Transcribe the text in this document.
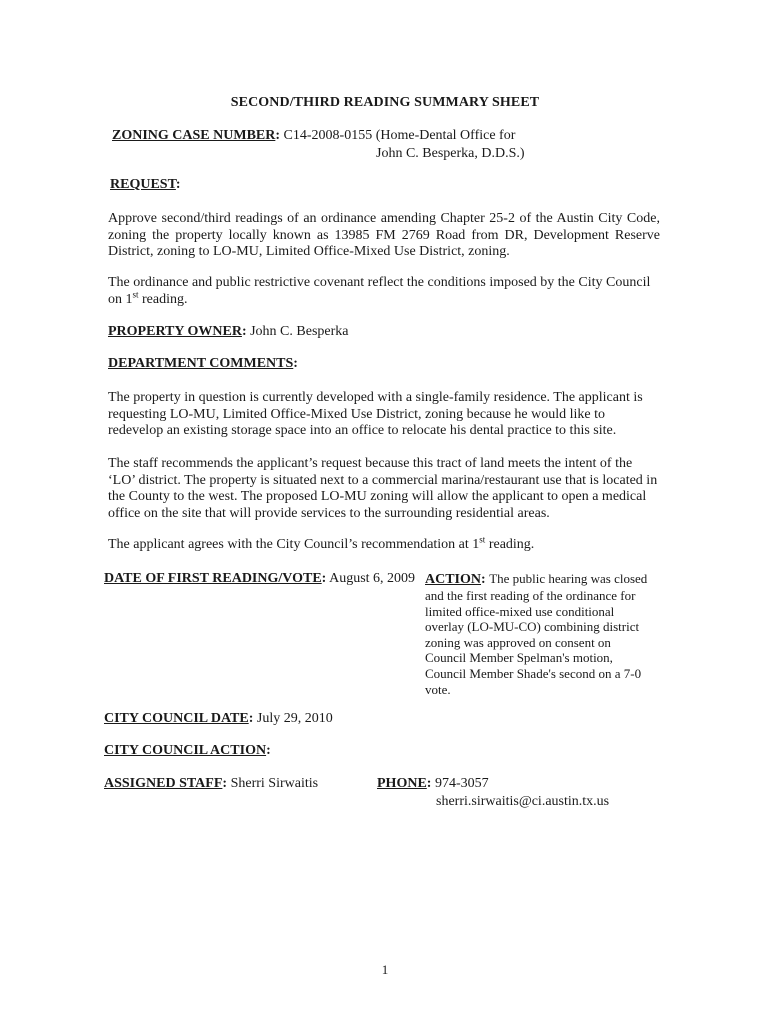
SECOND/THIRD READING SUMMARY SHEET
ZONING CASE NUMBER: C14-2008-0155 (Home-Dental Office for
John C. Besperka, D.D.S.)
REQUEST:
Approve second/third readings of an ordinance amending Chapter 25-2 of the Austin City Code, zoning the property locally known as 13985 FM 2769 Road from DR, Development Reserve District, zoning to LO-MU, Limited Office-Mixed Use District, zoning.
The ordinance and public restrictive covenant reflect the conditions imposed by the City Council on 1st reading.
PROPERTY OWNER: John C. Besperka
DEPARTMENT COMMENTS:
The property in question is currently developed with a single-family residence. The applicant is requesting LO-MU, Limited Office-Mixed Use District, zoning because he would like to redevelop an existing storage space into an office to relocate his dental practice to this site.
The staff recommends the applicant’s request because this tract of land meets the intent of the ‘LO’ district. The property is situated next to a commercial marina/restaurant use that is located in the County to the west. The proposed LO-MU zoning will allow the applicant to open a medical office on the site that will provide services to the surrounding residential areas.
The applicant agrees with the City Council’s recommendation at 1st reading.
DATE OF FIRST READING/VOTE: August 6, 2009 ACTION: The public hearing was closed
and the first reading of the ordinance for
limited office-mixed use conditional
overlay (LO-MU-CO) combining district
zoning was approved on consent on
Council Member Spelman's motion,
Council Member Shade's second on a 7-0
vote.
CITY COUNCIL DATE: July 29, 2010
CITY COUNCIL ACTION:
ASSIGNED STAFF: Sherri Sirwaitis	PHONE: 974-3057
sherri.sirwaitis@ci.austin.tx.us
1
